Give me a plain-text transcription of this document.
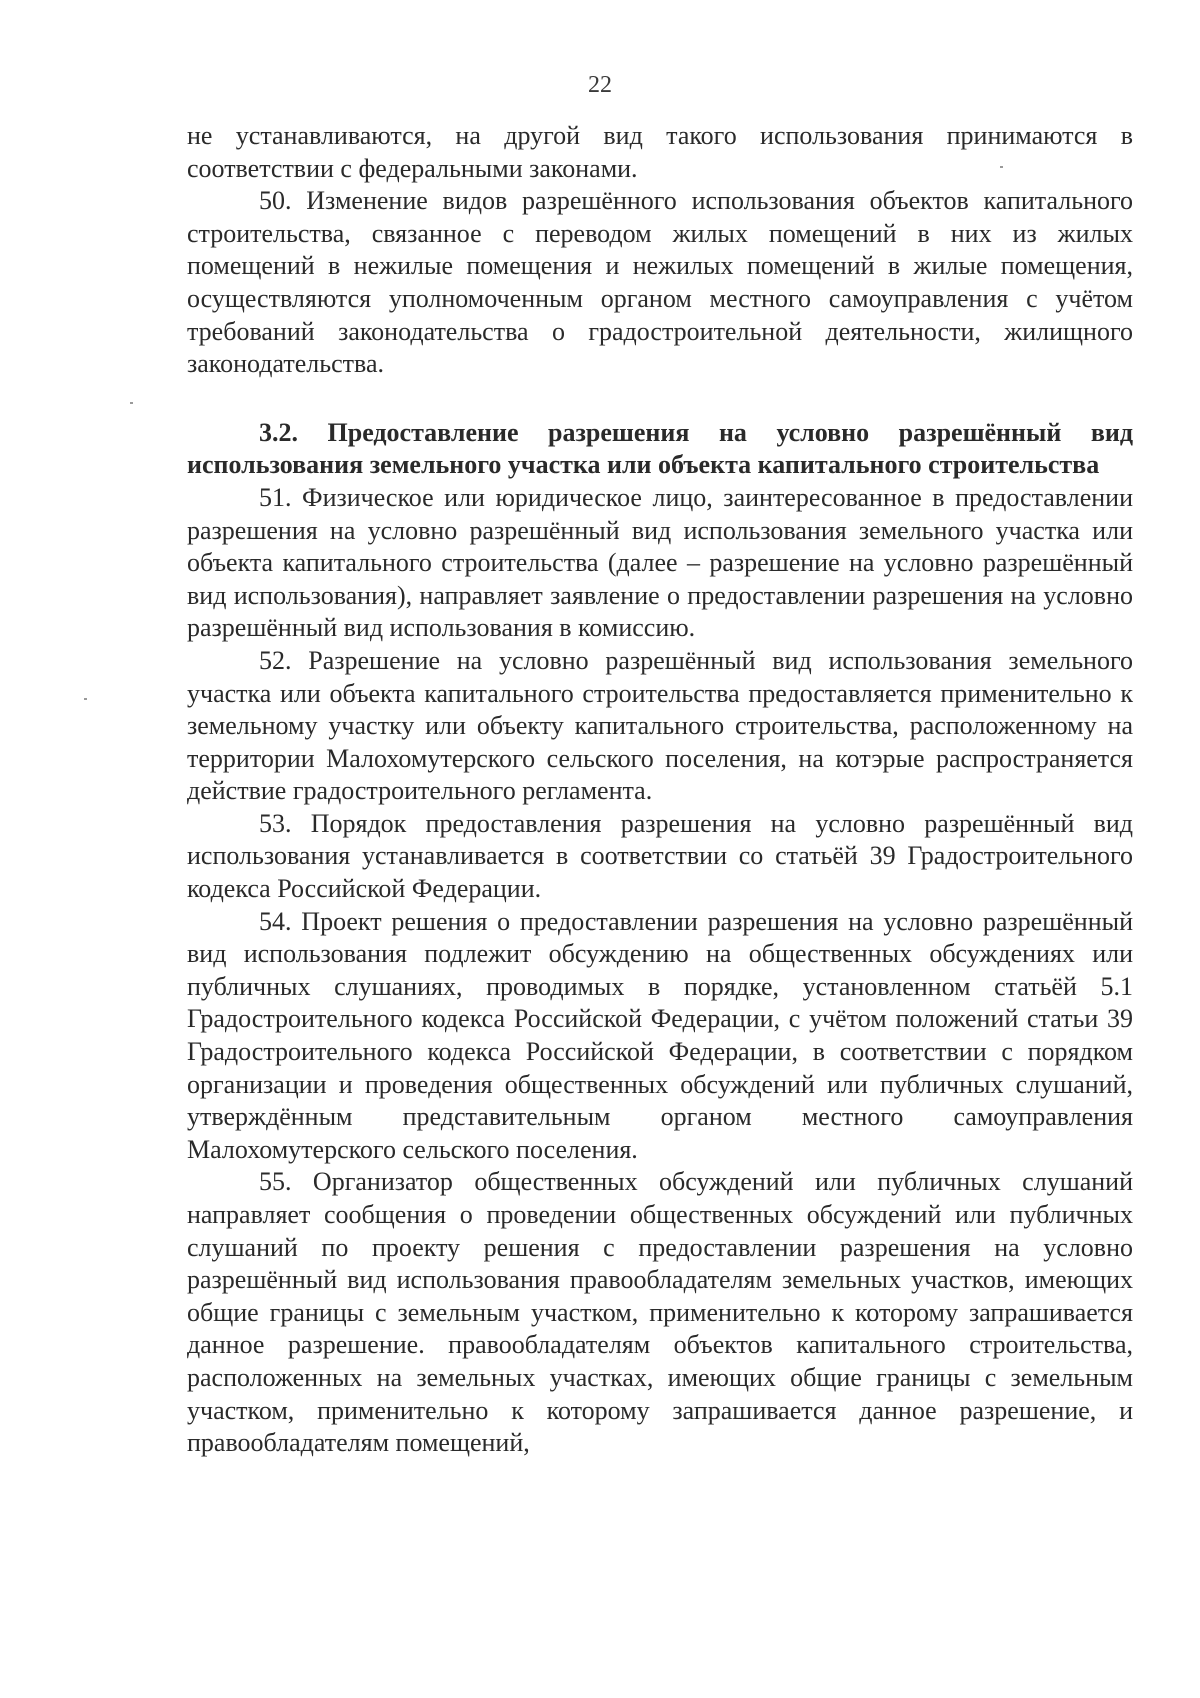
22

не устанавливаются, на другой вид такого использования принимаются в соответствии с федеральными законами.

50. Изменение видов разрешённого использования объектов капитального строительства, связанное с переводом жилых помещений в них из жилых помещений в нежилые помещения и нежилых помещений в жилые помещения, осуществляются уполномоченным органом местного самоуправления с учётом требований законодательства о градостроительной деятельности, жилищного законодательства.

3.2. Предоставление разрешения на условно разрешённый вид использования земельного участка или объекта капитального строительства

51. Физическое или юридическое лицо, заинтересованное в предоставлении разрешения на условно разрешённый вид использования земельного участка или объекта капитального строительства (далее – разрешение на условно разрешённый вид использования), направляет заявление о предоставлении разрешения на условно разрешённый вид использования в комиссию.

52. Разрешение на условно разрешённый вид использования земельного участка или объекта капитального строительства предоставляется применительно к земельному участку или объекту капитального строительства, расположенному на территории Малохомутерского сельского поселения, на котэрые распространяется действие градостроительного регламента.

53. Порядок предоставления разрешения на условно разрешённый вид использования устанавливается в соответствии со статьёй 39 Градостроительного кодекса Российской Федерации.

54. Проект решения о предоставлении разрешения на условно разрешённый вид использования подлежит обсуждению на общественных обсуждениях или публичных слушаниях, проводимых в порядке, установленном статьёй 5.1 Градостроительного кодекса Российской Федерации, с учётом положений статьи 39 Градостроительного кодекса Российской Федерации, в соответствии с порядком организации и проведения общественных обсуждений или публичных слушаний, утверждённым представительным органом местного самоуправления Малохомутерского сельского поселения.

55. Организатор общественных обсуждений или публичных слушаний направляет сообщения о проведении общественных обсуждений или публичных слушаний по проекту решения с предоставлении разрешения на условно разрешённый вид использования правообладателям земельных участков, имеющих общие границы с земельным участком, применительно к которому запрашивается данное разрешение. правообладателям объектов капитального строительства, расположенных на земельных участках, имеющих общие границы с земельным участком, применительно к которому запрашивается данное разрешение, и правообладателям помещений,
